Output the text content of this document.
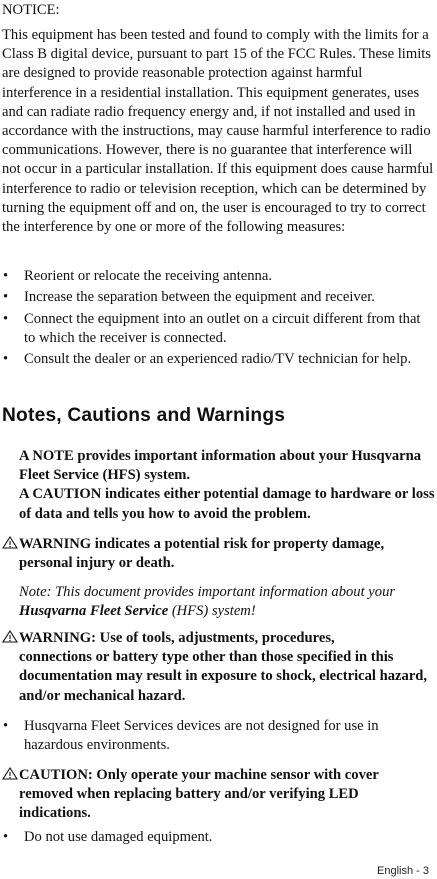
NOTICE:

This equipment has been tested and found to comply with the limits for a Class B digital device, pursuant to part 15 of the FCC Rules. These limits are designed to provide reasonable protection against harmful interference in a residential installation. This equipment generates, uses and can radiate radio frequency energy and, if not installed and used in accordance with the instructions, may cause harmful interference to radio communications. However, there is no guarantee that interference will not occur in a particular installation. If this equipment does cause harmful interference to radio or television reception, which can be determined by turning the equipment off and on, the user is encouraged to try to correct the interference by one or more of the following measures:

• Reorient or relocate the receiving antenna.
• Increase the separation between the equipment and receiver.
• Connect the equipment into an outlet on a circuit different from that to which the receiver is connected.
• Consult the dealer or an experienced radio/TV technician for help.
Notes, Cautions and Warnings
A NOTE provides important information about your Husqvarna Fleet Service (HFS) system.
A CAUTION indicates either potential damage to hardware or loss of data and tells you how to avoid the problem.
WARNING indicates a potential risk for property damage,
personal injury or death.

Note: This document provides important information about your Husqvarna Fleet Service (HFS) system!

WARNING: Use of tools, adjustments, procedures,
connections or battery type other than those specified in this documentation may result in exposure to shock, electrical hazard, and/or mechanical hazard.
• Husqvarna Fleet Services devices are not designed for use in hazardous environments.
CAUTION: Only operate your machine sensor with cover
removed when replacing battery and/or verifying LED indications.
• Do not use damaged equipment.
English - 3
